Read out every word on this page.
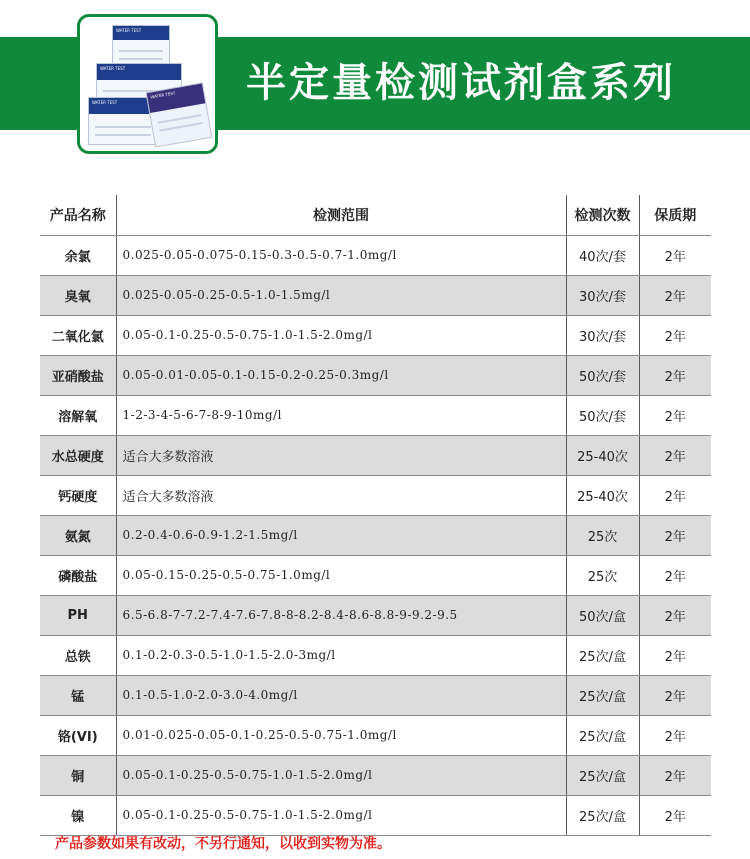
半定量检测试剂盒系列
WATER TEST
WATER TEST
WATER TEST
WATER TEST
产品名称	检测范围	检测次数	保质期
余氯	0.025-0.05-0.075-0.15-0.3-0.5-0.7-1.0mg/l	40次/套	2年
臭氧	0.025-0.05-0.25-0.5-1.0-1.5mg/l	30次/套	2年
二氧化氯	0.05-0.1-0.25-0.5-0.75-1.0-1.5-2.0mg/l	30次/套	2年
亚硝酸盐	0.05-0.01-0.05-0.1-0.15-0.2-0.25-0.3mg/l	50次/套	2年
溶解氧	1-2-3-4-5-6-7-8-9-10mg/l	50次/套	2年
水总硬度	适合大多数溶液	25-40次	2年
钙硬度	适合大多数溶液	25-40次	2年
氨氮	0.2-0.4-0.6-0.9-1.2-1.5mg/l	25次	2年
磷酸盐	0.05-0.15-0.25-0.5-0.75-1.0mg/l	25次	2年
PH	6.5-6.8-7-7.2-7.4-7.6-7.8-8-8.2-8.4-8.6-8.8-9-9.2-9.5	50次/盒	2年
总铁	0.1-0.2-0.3-0.5-1.0-1.5-2.0-3mg/l	25次/盒	2年
锰	0.1-0.5-1.0-2.0-3.0-4.0mg/l	25次/盒	2年
铬(VI)	0.01-0.025-0.05-0.1-0.25-0.5-0.75-1.0mg/l	25次/盒	2年
铜	0.05-0.1-0.25-0.5-0.75-1.0-1.5-2.0mg/l	25次/盒	2年
镍	0.05-0.1-0.25-0.5-0.75-1.0-1.5-2.0mg/l	25次/盒	2年
产品参数如果有改动，不另行通知，以收到实物为准。
